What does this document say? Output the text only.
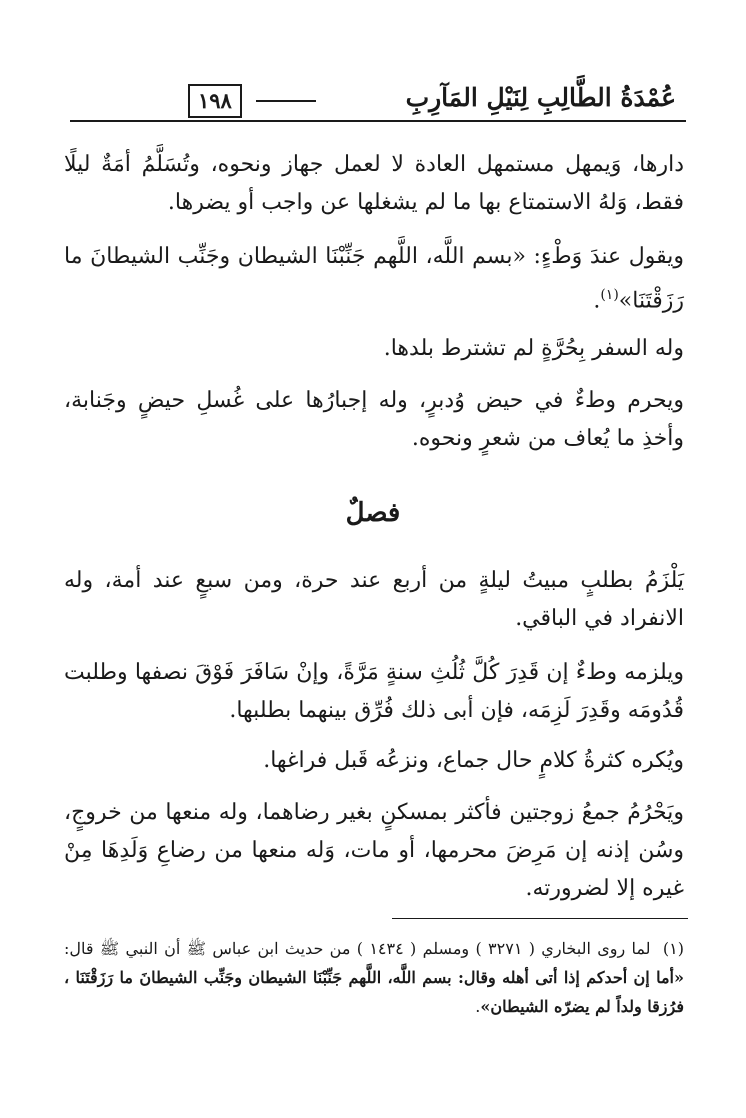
عُمْدَةُ الطَّالِبِ لِنَيْلِ المَآرِبِ
١٩٨

دارها، وَيمهل مستمهل العادة لا لعمل جهاز ونحوه، وتُسَلَّمُ أمَةٌ ليلًا فقط، وَلهُ الاستمتاع بها ما لم يشغلها عن واجب أو يضرها.

ويقول عندَ وَطْءٍ: «بسم اللَّه، اللَّهم جَنِّبْنَا الشيطان وجَنِّب الشيطانَ ما رَزَقْتَنَا»$^{(١)}$.

وله السفر بِحُرَّةٍ لم تشترط بلدها.

ويحرم وطءٌ في حيض وُدبرٍ، وله إجبارُها على غُسلِ حيضٍ وجَنابة، وأخذِ ما يُعاف من شعرٍ ونحوه.

فصلٌ

يَلْزَمُ بطلبٍ مبيتُ ليلةٍ من أربع عند حرة، ومن سبعٍ عند أمة، وله الانفراد في الباقي.

ويلزمه وطءٌ إن قَدِرَ كُلَّ ثُلُثِ سنةٍ مَرَّةً، وإنْ سَافَرَ فَوْقَ نصفها وطلبت قُدُومَه وقَدِرَ لَزِمَه، فإن أبى ذلك فُرِّق بينهما بطلبها.

ويُكره كثرةُ كلامٍ حال جماع، ونزعُه قَبل فراغها.

ويَحْرُمُ جمعُ زوجتين فأكثر بمسكنٍ بغير رضاهما، وله منعها من خروجٍ، وسُن إذنه إن مَرِضَ محرمها، أو مات، وَله منعها من رضاعِ وَلَدِهَا مِنْ غيره إلا لضرورته.

(١) لما روى البخاري ( ٣٢٧١ ) ومسلم ( ١٤٣٤ ) من حديث ابن عباس ﷺ أن النبي ﷺ قال: «أما إن أحدكم إذا أتى أهله وقال: بسم اللَّه، اللَّهم جَنِّبْنَا الشيطان وجَنِّب الشيطانَ ما رَزَقْتَنَا ، فرُزقا ولداً لم يضرّه الشيطان».
